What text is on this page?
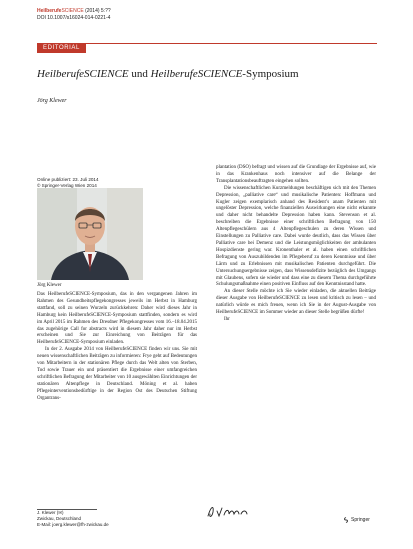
HeilberufeSCIENCE (2014) 5:??
DOI 10.1007/s16024-014-0221-4
EDITORIAL
HeilberufeSCIENCE und HeilberufeSCIENCE-Symposium
Jörg Klewer
Online publiziert: 23. Juli 2014
© Springer-Verlag Wien 2014
Jörg Klewer

Das HeilberufeSCIENCE-Symposium, das in den vergangenen Jahren im Rahmen des Gesundheitspflegekongresses jeweils im Herbst in Hamburg stattfand, soll zu seinen Wurzeln zurückkehren: Daher wird dieses Jahr in Hamburg kein HeilberufeSCIENCE-Symposium stattfinden, sondern es wird im April 2015 im Rahmen des Dresdner Pflegekongresses vom 16.–18.04.2015 das zugehörige Call for abstracts wird in diesem Jahr daher nur im Herbst erscheinen und Sie zur Einreichung von Beiträgen für das HeilberufeSCIENCE-Symposium einladen.

In der 2. Ausgabe 2014 von HeilberufeSCIENCE finden wir uns. Sie mit neuen wissenschaftlichen Beiträgen zu informieren: Frye geht auf Bedeutungen von Mitarbeitern in der stationären Pflege durch das Welt alten von Sterben, Tod sowie Trauer ein und präsentiert die Ergebnisse einer umfangreichen schriftlichen Befragung der Mitarbeiter von 10 ausgewählten Einrichtungen der stationären Altenpflege in Deutschland. Möning et al. haben Pflegeinterventionsbedürftige in der Region Ost des Deutschen Stiftung Organtrans-

plantation (DSO) befragt und wissen auf die Grundlage der Ergebnisse auf, wie in das Krankenhaus noch intensiver auf die Belange der Transplantationsbeauftragten eingehen sollten.

Die wissenschaftlichen Kurzmeldungen beschäftigen sich mit den Themen Depression, „palliative care“ und musikalische Patienten: Hoffmann und Kugler zeigen exemplarisch anhand des Resident’s anam Patienten mit ungelöster Depression, welche finanziellen Auswirkungen eine nicht erkannte und daher nicht behandelte Depression haben kann. Stevenson et al. beschreiben die Ergebnisse einer schriftlichen Befragung von 150 Altenpflegeschülern aus 4 Altenpflegeschulen zu deren Wissen und Einstellungen zu Palliative care. Dabei wurde deutlich, dass das Wissen über Palliative care bei Demenz und die Leistungsmöglichkeiten der ambulanten Hospizdienste gering war. Kronenthaler et al. haben einen schriftlichen Befragung von Auszubildenden im Pflegeberuf zu deren Kenntnisse und über Lärm und zu Erlebnissen mit musikalischen Patienten durchgeführt. Die Untersuchungsergebnisse zeigen, dass Wissensdefizite bezüglich des Umgangs mit Glaubens, sofern sie wieder und dass eine zu diesem Thema durchgeführte Schulungsmaßnahme einen positiven Einfluss auf den Kenntnisstand hatte.

An dieser Stelle möchte ich Sie wieder einladen, die aktuellen Beiträge dieser Ausgabe von HeilberufeSCIENCE zu lesen und kritisch zu lesen – und natürlich würde es mich freuen, wenn ich Sie in der August-Ausgabe von HeilberufeSCIENCE im Sommer wieder an dieser Stelle begrüßen dürfte!

Ihr

J. Klewer (✉)
Zwickau, Deutschland
E-Mail: joerg.klewer@fh-zwickau.de
Springer
